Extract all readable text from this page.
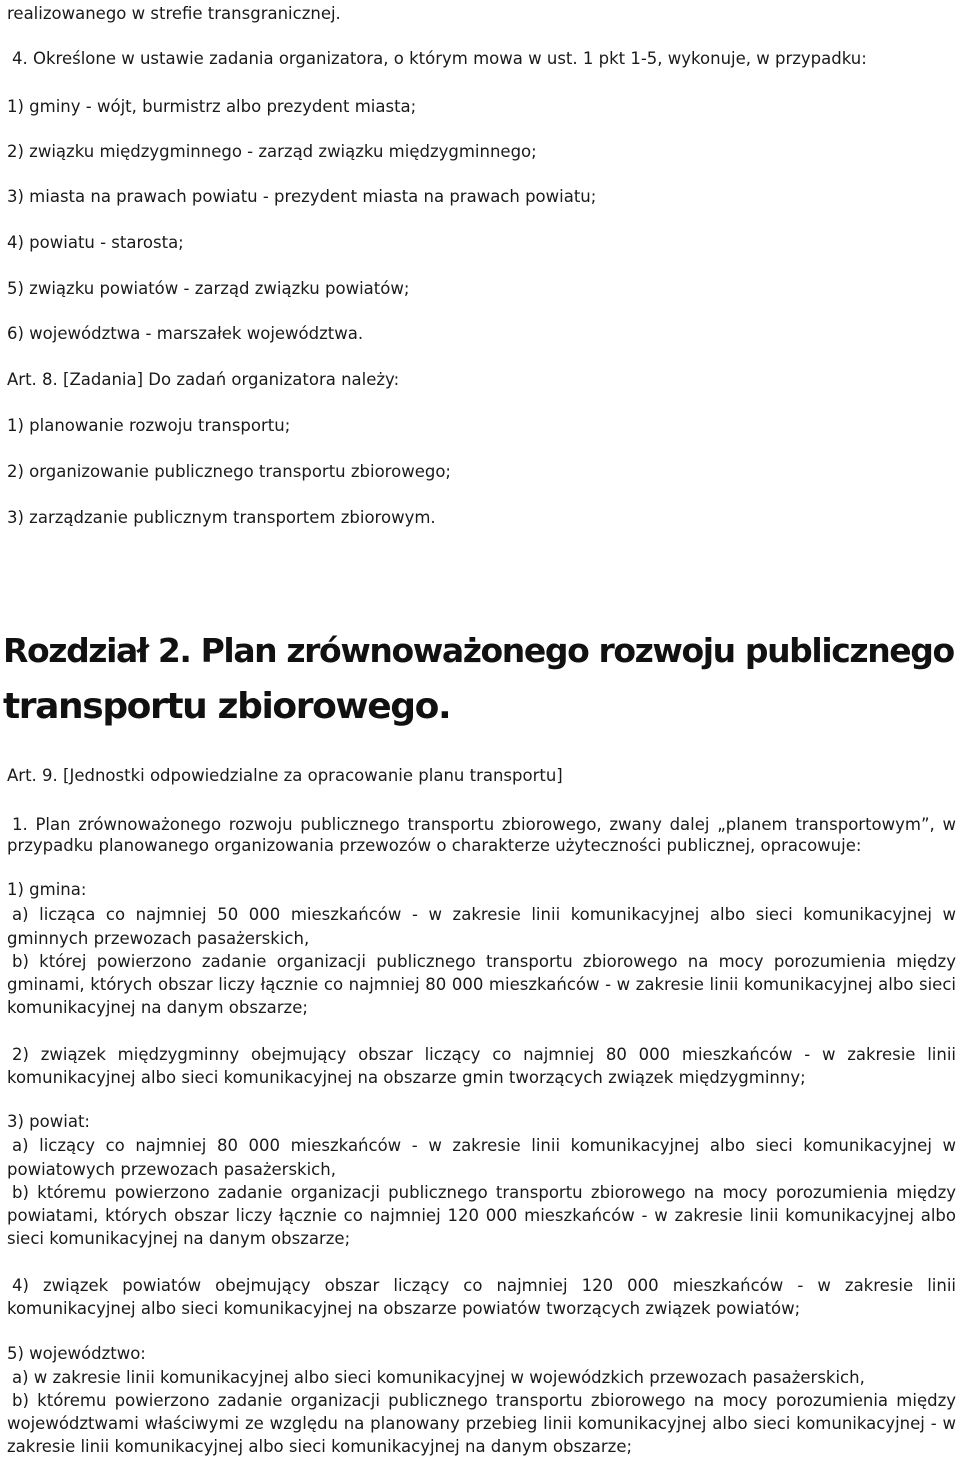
realizowanego w strefie transgranicznej.
4. Określone w ustawie zadania organizatora, o którym mowa w ust. 1 pkt 1-5, wykonuje, w przypadku:
1) gminy - wójt, burmistrz albo prezydent miasta;
2) związku międzygminnego - zarząd związku międzygminnego;
3) miasta na prawach powiatu - prezydent miasta na prawach powiatu;
4) powiatu - starosta;
5) związku powiatów - zarząd związku powiatów;
6) województwa - marszałek województwa.
Art. 8. [Zadania] Do zadań organizatora należy:
1) planowanie rozwoju transportu;
2) organizowanie publicznego transportu zbiorowego;
3) zarządzanie publicznym transportem zbiorowym.
Rozdział 2. Plan zrównoważonego rozwoju publicznego
transportu zbiorowego.
Art. 9. [Jednostki odpowiedzialne za opracowanie planu transportu]
1. Plan zrównoważonego rozwoju publicznego transportu zbiorowego, zwany dalej „planem transportowym”, w
przypadku planowanego organizowania przewozów o charakterze użyteczności publicznej, opracowuje:
1) gmina:
a) licząca co najmniej 50 000 mieszkańców - w zakresie linii komunikacyjnej albo sieci komunikacyjnej w
gminnych przewozach pasażerskich,
b) której powierzono zadanie organizacji publicznego transportu zbiorowego na mocy porozumienia między
gminami, których obszar liczy łącznie co najmniej 80 000 mieszkańców - w zakresie linii komunikacyjnej albo sieci
komunikacyjnej na danym obszarze;
2) związek międzygminny obejmujący obszar liczący co najmniej 80 000 mieszkańców - w zakresie linii
komunikacyjnej albo sieci komunikacyjnej na obszarze gmin tworzących związek międzygminny;
3) powiat:
a) liczący co najmniej 80 000 mieszkańców - w zakresie linii komunikacyjnej albo sieci komunikacyjnej w
powiatowych przewozach pasażerskich,
b) któremu powierzono zadanie organizacji publicznego transportu zbiorowego na mocy porozumienia między
powiatami, których obszar liczy łącznie co najmniej 120 000 mieszkańców - w zakresie linii komunikacyjnej albo
sieci komunikacyjnej na danym obszarze;
4) związek powiatów obejmujący obszar liczący co najmniej 120 000 mieszkańców - w zakresie linii
komunikacyjnej albo sieci komunikacyjnej na obszarze powiatów tworzących związek powiatów;
5) województwo:
a) w zakresie linii komunikacyjnej albo sieci komunikacyjnej w wojewódzkich przewozach pasażerskich,
b) któremu powierzono zadanie organizacji publicznego transportu zbiorowego na mocy porozumienia między
województwami właściwymi ze względu na planowany przebieg linii komunikacyjnej albo sieci komunikacyjnej - w
zakresie linii komunikacyjnej albo sieci komunikacyjnej na danym obszarze;
